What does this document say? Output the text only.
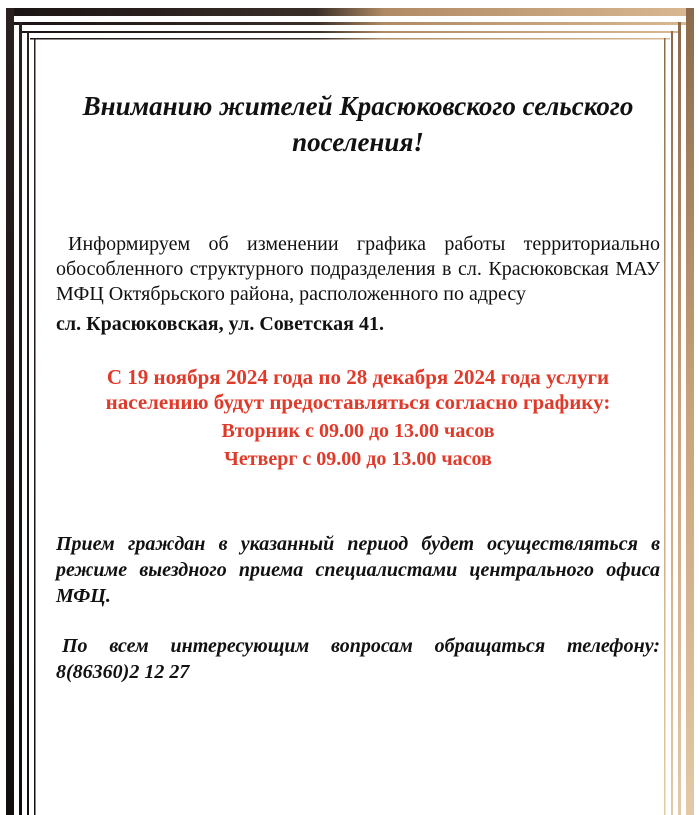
Вниманию жителей Красюковского сельского поселения!
Информируем об изменении графика работы территориально обособленного структурного подразделения в сл. Красюковская МАУ МФЦ Октябрьского района, расположенного по адресу
сл. Красюковская, ул. Советская 41.
С 19 ноября 2024 года по 28 декабря 2024 года услуги населению будут предоставляться согласно графику:
Вторник с 09.00 до 13.00 часов
Четверг с 09.00 до 13.00 часов
Прием граждан в указанный период будет осуществляться в режиме выездного приема специалистами центрального офиса МФЦ.
По всем интересующим вопросам обращаться телефону: 8(86360)2 12 27
